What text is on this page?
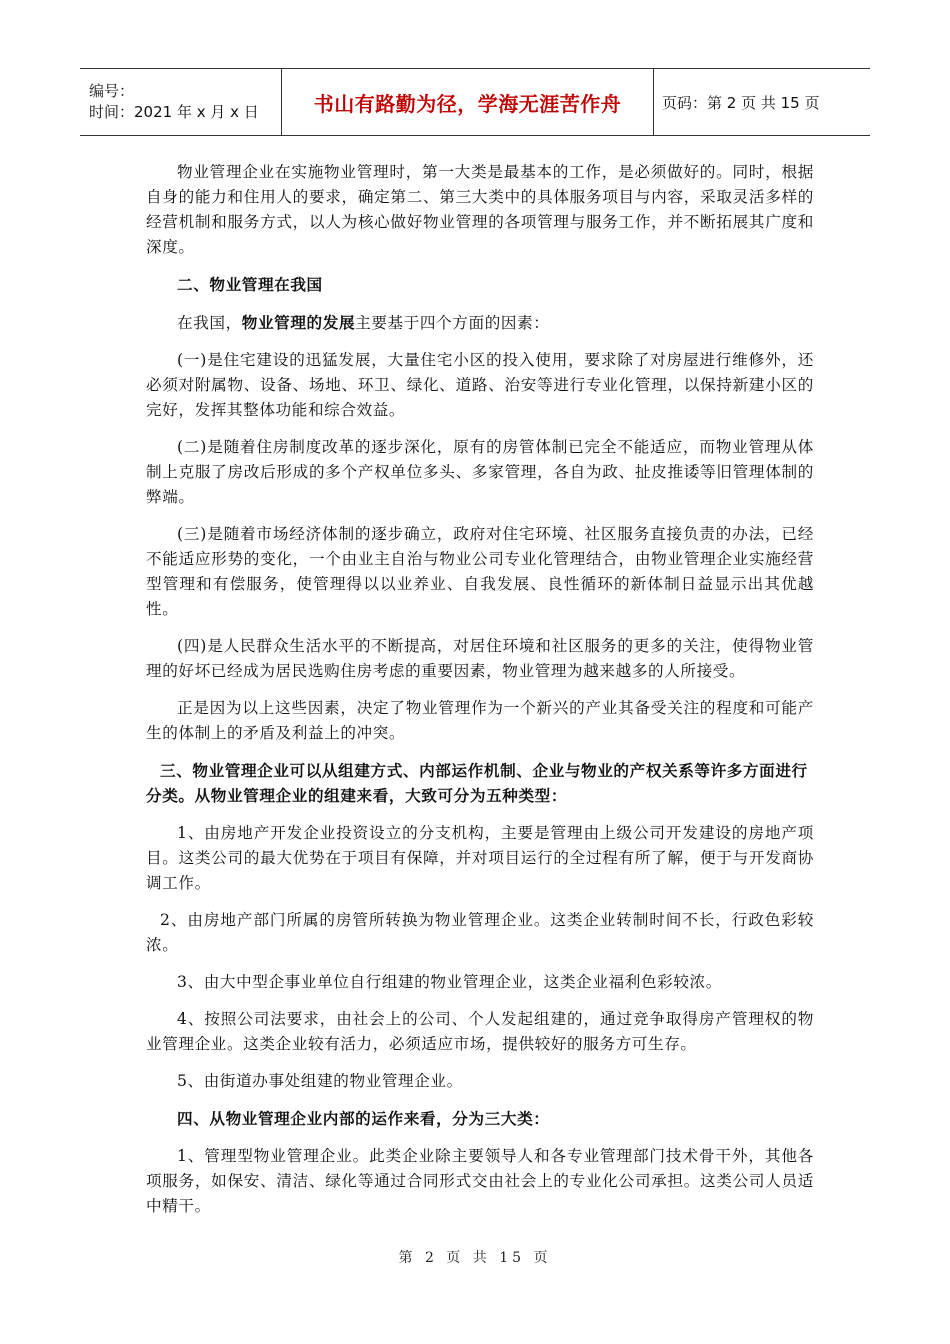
编号：
时间：2021 年 x 月 x 日	书山有路勤为径，学海无涯苦作舟	页码：第 2 页 共 15 页

物业管理企业在实施物业管理时，第一大类是最基本的工作，是必须做好的。同时，根据自身的能力和住用人的要求，确定第二、第三大类中的具体服务项目与内容，采取灵活多样的经营机制和服务方式，以人为核心做好物业管理的各项管理与服务工作，并不断拓展其广度和深度。

二、物业管理在我国

在我国，物业管理的发展主要基于四个方面的因素：

(一)是住宅建设的迅猛发展，大量住宅小区的投入使用，要求除了对房屋进行维修外，还必须对附属物、设备、场地、环卫、绿化、道路、治安等进行专业化管理，以保持新建小区的完好，发挥其整体功能和综合效益。

(二)是随着住房制度改革的逐步深化，原有的房管体制已完全不能适应，而物业管理从体制上克服了房改后形成的多个产权单位多头、多家管理，各自为政、扯皮推诿等旧管理体制的弊端。

(三)是随着市场经济体制的逐步确立，政府对住宅环境、社区服务直接负责的办法，已经不能适应形势的变化，一个由业主自治与物业公司专业化管理结合，由物业管理企业实施经营型管理和有偿服务，使管理得以以业养业、自我发展、良性循环的新体制日益显示出其优越性。

(四)是人民群众生活水平的不断提高，对居住环境和社区服务的更多的关注，使得物业管理的好坏已经成为居民选购住房考虑的重要因素，物业管理为越来越多的人所接受。

正是因为以上这些因素，决定了物业管理作为一个新兴的产业其备受关注的程度和可能产生的体制上的矛盾及利益上的冲突。

三、物业管理企业可以从组建方式、内部运作机制、企业与物业的产权关系等许多方面进行分类。从物业管理企业的组建来看，大致可分为五种类型：

1、由房地产开发企业投资设立的分支机构，主要是管理由上级公司开发建设的房地产项目。这类公司的最大优势在于项目有保障，并对项目运行的全过程有所了解，便于与开发商协调工作。

2、由房地产部门所属的房管所转换为物业管理企业。这类企业转制时间不长，行政色彩较浓。

3、由大中型企事业单位自行组建的物业管理企业，这类企业福利色彩较浓。

4、按照公司法要求，由社会上的公司、个人发起组建的，通过竞争取得房产管理权的物业管理企业。这类企业较有活力，必须适应市场，提供较好的服务方可生存。

5、由街道办事处组建的物业管理企业。

四、从物业管理企业内部的运作来看，分为三大类：

1、管理型物业管理企业。此类企业除主要领导人和各专业管理部门技术骨干外，其他各项服务，如保安、清洁、绿化等通过合同形式交由社会上的专业化公司承担。这类公司人员适中精干。

第 2 页 共 15 页
